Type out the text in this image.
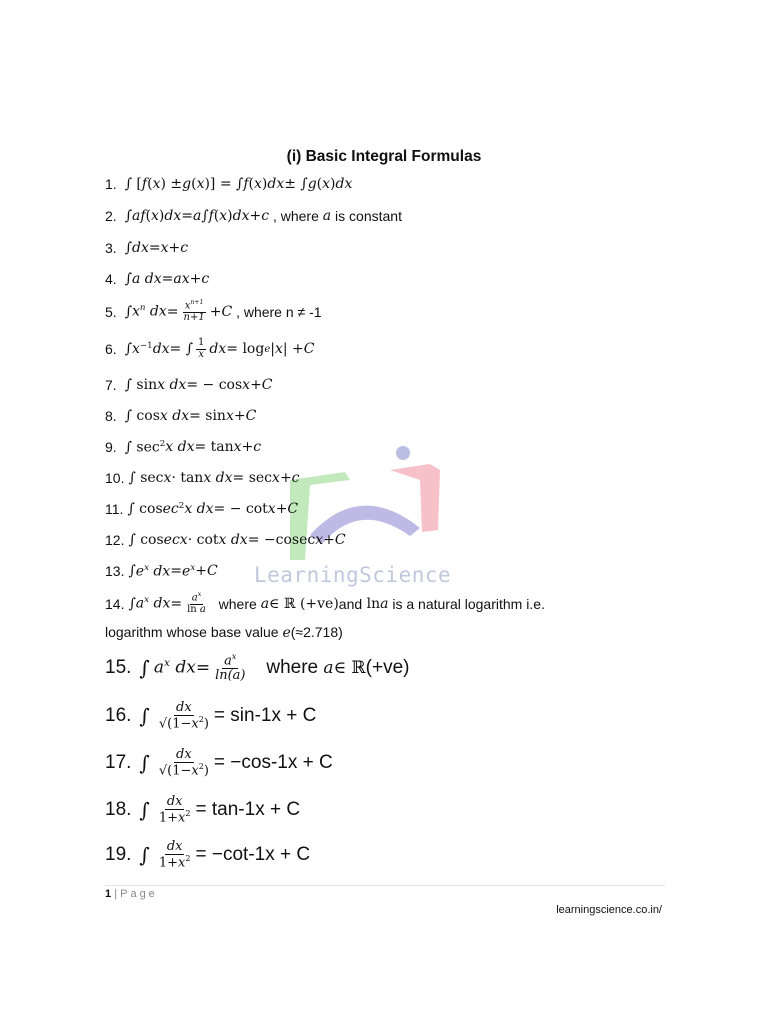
(i) Basic Integral Formulas
LearningScience
1. ∫ [ f ( x ) ± g ( x )] = ∫ f ( x ) dx ± ∫ g ( x ) dx
2. ∫ af ( x ) dx = a ∫ f ( x ) dx + c
, where
a
is constant
3. ∫ dx = x + c
4. ∫ a dx = ax + c
5. ∫ $x^n$ dx = $\frac{x^{n+1}}{n+1} + C$
, where n ≠ -1
6. ∫ x $^{-1}$ dx = ∫ $\frac{1}{x}$ dx = log e | x | + C
7. ∫ sin x dx = − cos x + C
8. ∫ cos x dx = sin x + C
9. ∫ $\sec^2 x$ dx = tan x + c
10. ∫ sec x · tan x dx = sec x + c
11. ∫ cos ec $^2$ x dx = − cot x + C
12. ∫ cos ecx · cot x dx = −cosec x + C
13. ∫ $e^x$ dx = $e^x + C$
14. ∫ $a^x$ dx = $\frac{a^x}{\text{ln a}}$
where
a ∈ ℝ (+ve) and ln a
is a natural logarithm i.e.
logarithm whose base value e(≈2.718)
15. ∫ $a^x$ dx = $\frac{a^x}{\ln(a)}$
where
a ∈ ℝ (+ve)
16. ∫ $\frac{dx}{√(1-x^2)} = \sin -1$ x + C
17. ∫ $\frac{dx}{√(1-x^2)} = -\cos$ -1 x + C
18. ∫ $\frac{dx}{1+x^2} = \tan -1$ x + C
19. ∫ $\frac{dx}{1+x^2} = -\cot$ -1 x + C
1 | Page
learningscience.co.in/
